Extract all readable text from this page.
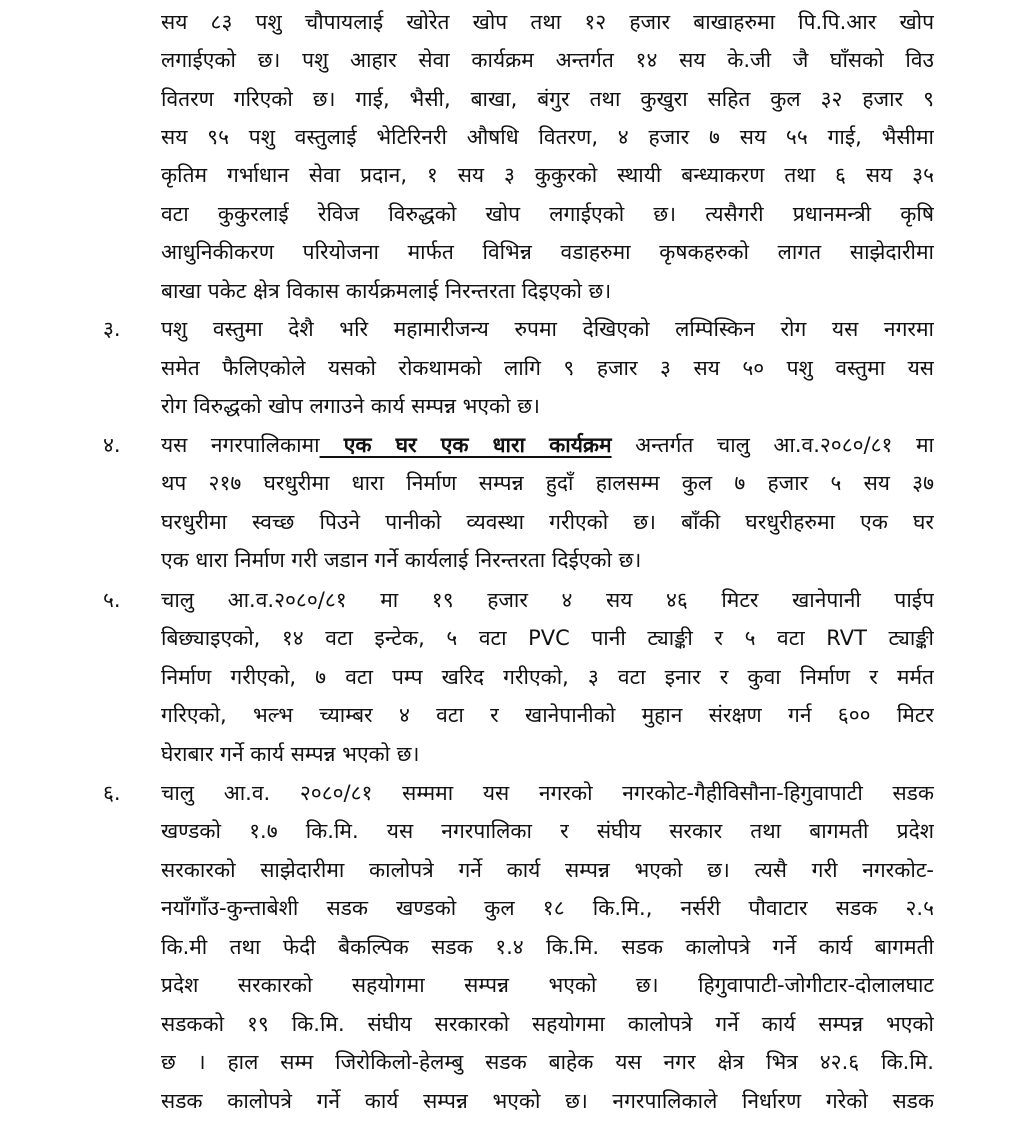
सय ८३ पशु चौपायलाई खोरेत खोप तथा १२ हजार बाखाहरुमा पि.पि.आर खोप
लगाईएको छ। पशु आहार सेवा कार्यक्रम अन्तर्गत १४ सय के.जी जै घाँसको विउ
वितरण गरिएको छ। गाई, भैसी, बाखा, बंगुर तथा कुखुरा सहित कुल ३२ हजार ९
सय ९५ पशु वस्तुलाई भेटिरिनरी औषधि वितरण, ४ हजार ७ सय ५५ गाई, भैसीमा
कृतिम गर्भाधान सेवा प्रदान, १ सय ३ कुकुरको स्थायी बन्ध्याकरण तथा ६ सय ३५
वटा कुकुरलाई रेविज विरुद्धको खोप लगाईएको छ। त्यसैगरी प्रधानमन्त्री कृषि
आधुनिकीकरण परियोजना मार्फत विभिन्न वडाहरुमा कृषकहरुको लागत साझेदारीमा
बाखा पकेट क्षेत्र विकास कार्यक्रमलाई निरन्तरता दिइएको छ।
३.	पशु वस्तुमा देशै भरि महामारीजन्य रुपमा देखिएको लम्पिस्किन रोग यस नगरमा
समेत फैलिएकोले यसको रोकथामको लागि ९ हजार ३ सय ५० पशु वस्तुमा यस
रोग विरुद्धको खोप लगाउने कार्य सम्पन्न भएको छ।
४.	यस नगरपालिकामा एक घर एक धारा कार्यक्रम अन्तर्गत चालु आ.व.२०८०/८१ मा
थप २१७ घरधुरीमा धारा निर्माण सम्पन्न हुदाँ हालसम्म कुल ७ हजार ५ सय ३७
घरधुरीमा स्वच्छ पिउने पानीको व्यवस्था गरीएको छ। बाँकी घरधुरीहरुमा एक घर
एक धारा निर्माण गरी जडान गर्ने कार्यलाई निरन्तरता दिईएको छ।
५.	चालु आ.व.२०८०/८१ मा १९ हजार ४ सय ४६ मिटर खानेपानी पाईप
बिछ्याइएको, १४ वटा इन्टेक, ५ वटा PVC पानी ट्याङ्की र ५ वटा RVT ट्याङ्की
निर्माण गरीएको, ७ वटा पम्प खरिद गरीएको, ३ वटा इनार र कुवा निर्माण र मर्मत
गरिएको, भल्भ च्याम्बर ४ वटा र खानेपानीको मुहान संरक्षण गर्न ६०० मिटर
घेराबार गर्ने कार्य सम्पन्न भएको छ।
६.	चालु आ.व. २०८०/८१ सम्ममा यस नगरको नगरकोट-गैहीविसौना-हिगुवापाटी सडक
खण्डको १.७ कि.मि. यस नगरपालिका र संघीय सरकार तथा बागमती प्रदेश
सरकारको साझेदारीमा कालोपत्रे गर्ने कार्य सम्पन्न भएको छ। त्यसै गरी नगरकोट-
नयाँगाँउ-कुन्ताबेशी सडक खण्डको कुल १८ कि.मि., नर्सरी पौवाटार सडक २.५
कि.मी तथा फेदी बैकल्पिक सडक १.४ कि.मि. सडक कालोपत्रे गर्ने कार्य बागमती
प्रदेश सरकारको सहयोगमा सम्पन्न भएको छ। हिगुवापाटी-जोगीटार-दोलालघाट
सडकको १९ कि.मि. संघीय सरकारको सहयोगमा कालोपत्रे गर्ने कार्य सम्पन्न भएको
छ । हाल सम्म जिरोकिलो-हेलम्बु सडक बाहेक यस नगर क्षेत्र भित्र ४२.६ कि.मि.
सडक कालोपत्रे गर्ने कार्य सम्पन्न भएको छ। नगरपालिकाले निर्धारण गरेको सडक
